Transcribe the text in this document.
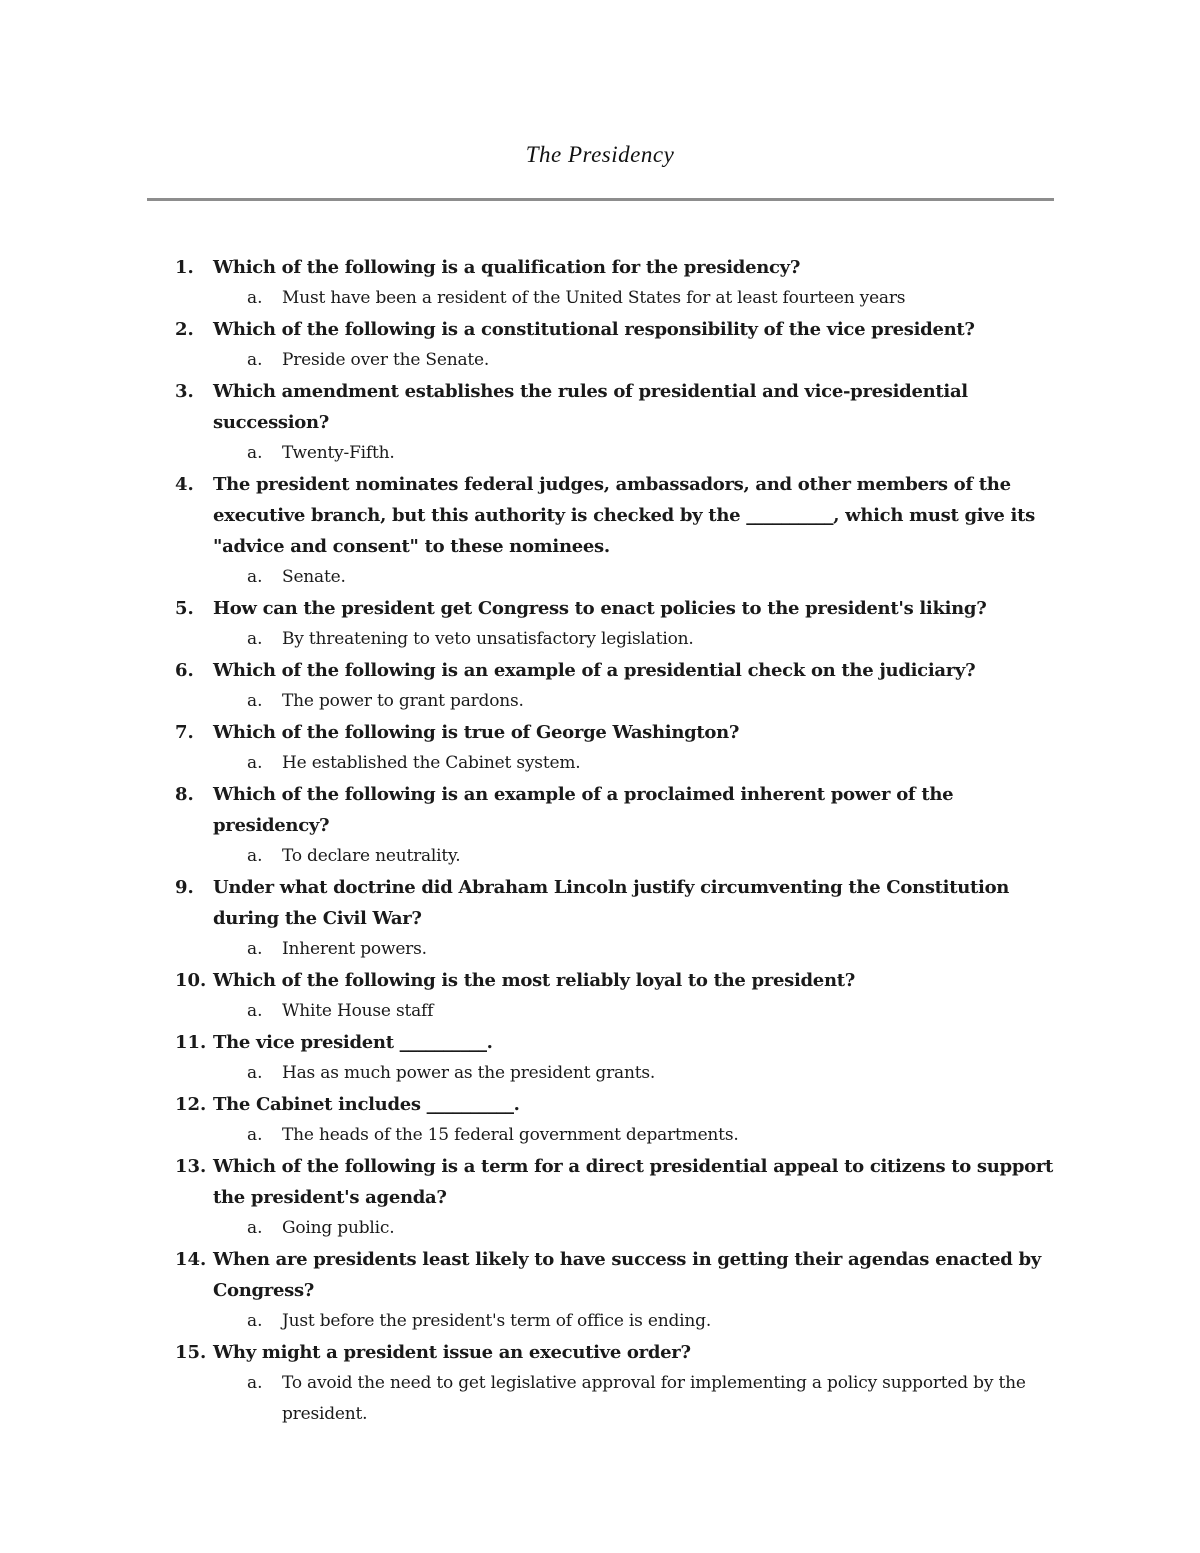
The Presidency
1.	Which of the following is a qualification for the presidency?
a.	Must have been a resident of the United States for at least fourteen years
2.	Which of the following is a constitutional responsibility of the vice president?
a.	Preside over the Senate.
3.	Which amendment establishes the rules of presidential and vice-presidential succession?
a.	Twenty-Fifth.
4.	The president nominates federal judges, ambassadors, and other members of the executive branch, but this authority is checked by the __________, which must give its "advice and consent" to these nominees.
a.	Senate.
5.	How can the president get Congress to enact policies to the president's liking?
a.	By threatening to veto unsatisfactory legislation.
6.	Which of the following is an example of a presidential check on the judiciary?
a.	The power to grant pardons.
7.	Which of the following is true of George Washington?
a.	He established the Cabinet system.
8.	Which of the following is an example of a proclaimed inherent power of the presidency?
a.	To declare neutrality.
9.	Under what doctrine did Abraham Lincoln justify circumventing the Constitution during the Civil War?
a.	Inherent powers.
10. Which of the following is the most reliably loyal to the president?
a.	White House staff
11. The vice president __________.
a.	Has as much power as the president grants.
12. The Cabinet includes __________.
a.	The heads of the 15 federal government departments.
13. Which of the following is a term for a direct presidential appeal to citizens to support the president's agenda?
a.	Going public.
14. When are presidents least likely to have success in getting their agendas enacted by Congress?
a.	Just before the president's term of office is ending.
15. Why might a president issue an executive order?
a.	To avoid the need to get legislative approval for implementing a policy supported by the president.
